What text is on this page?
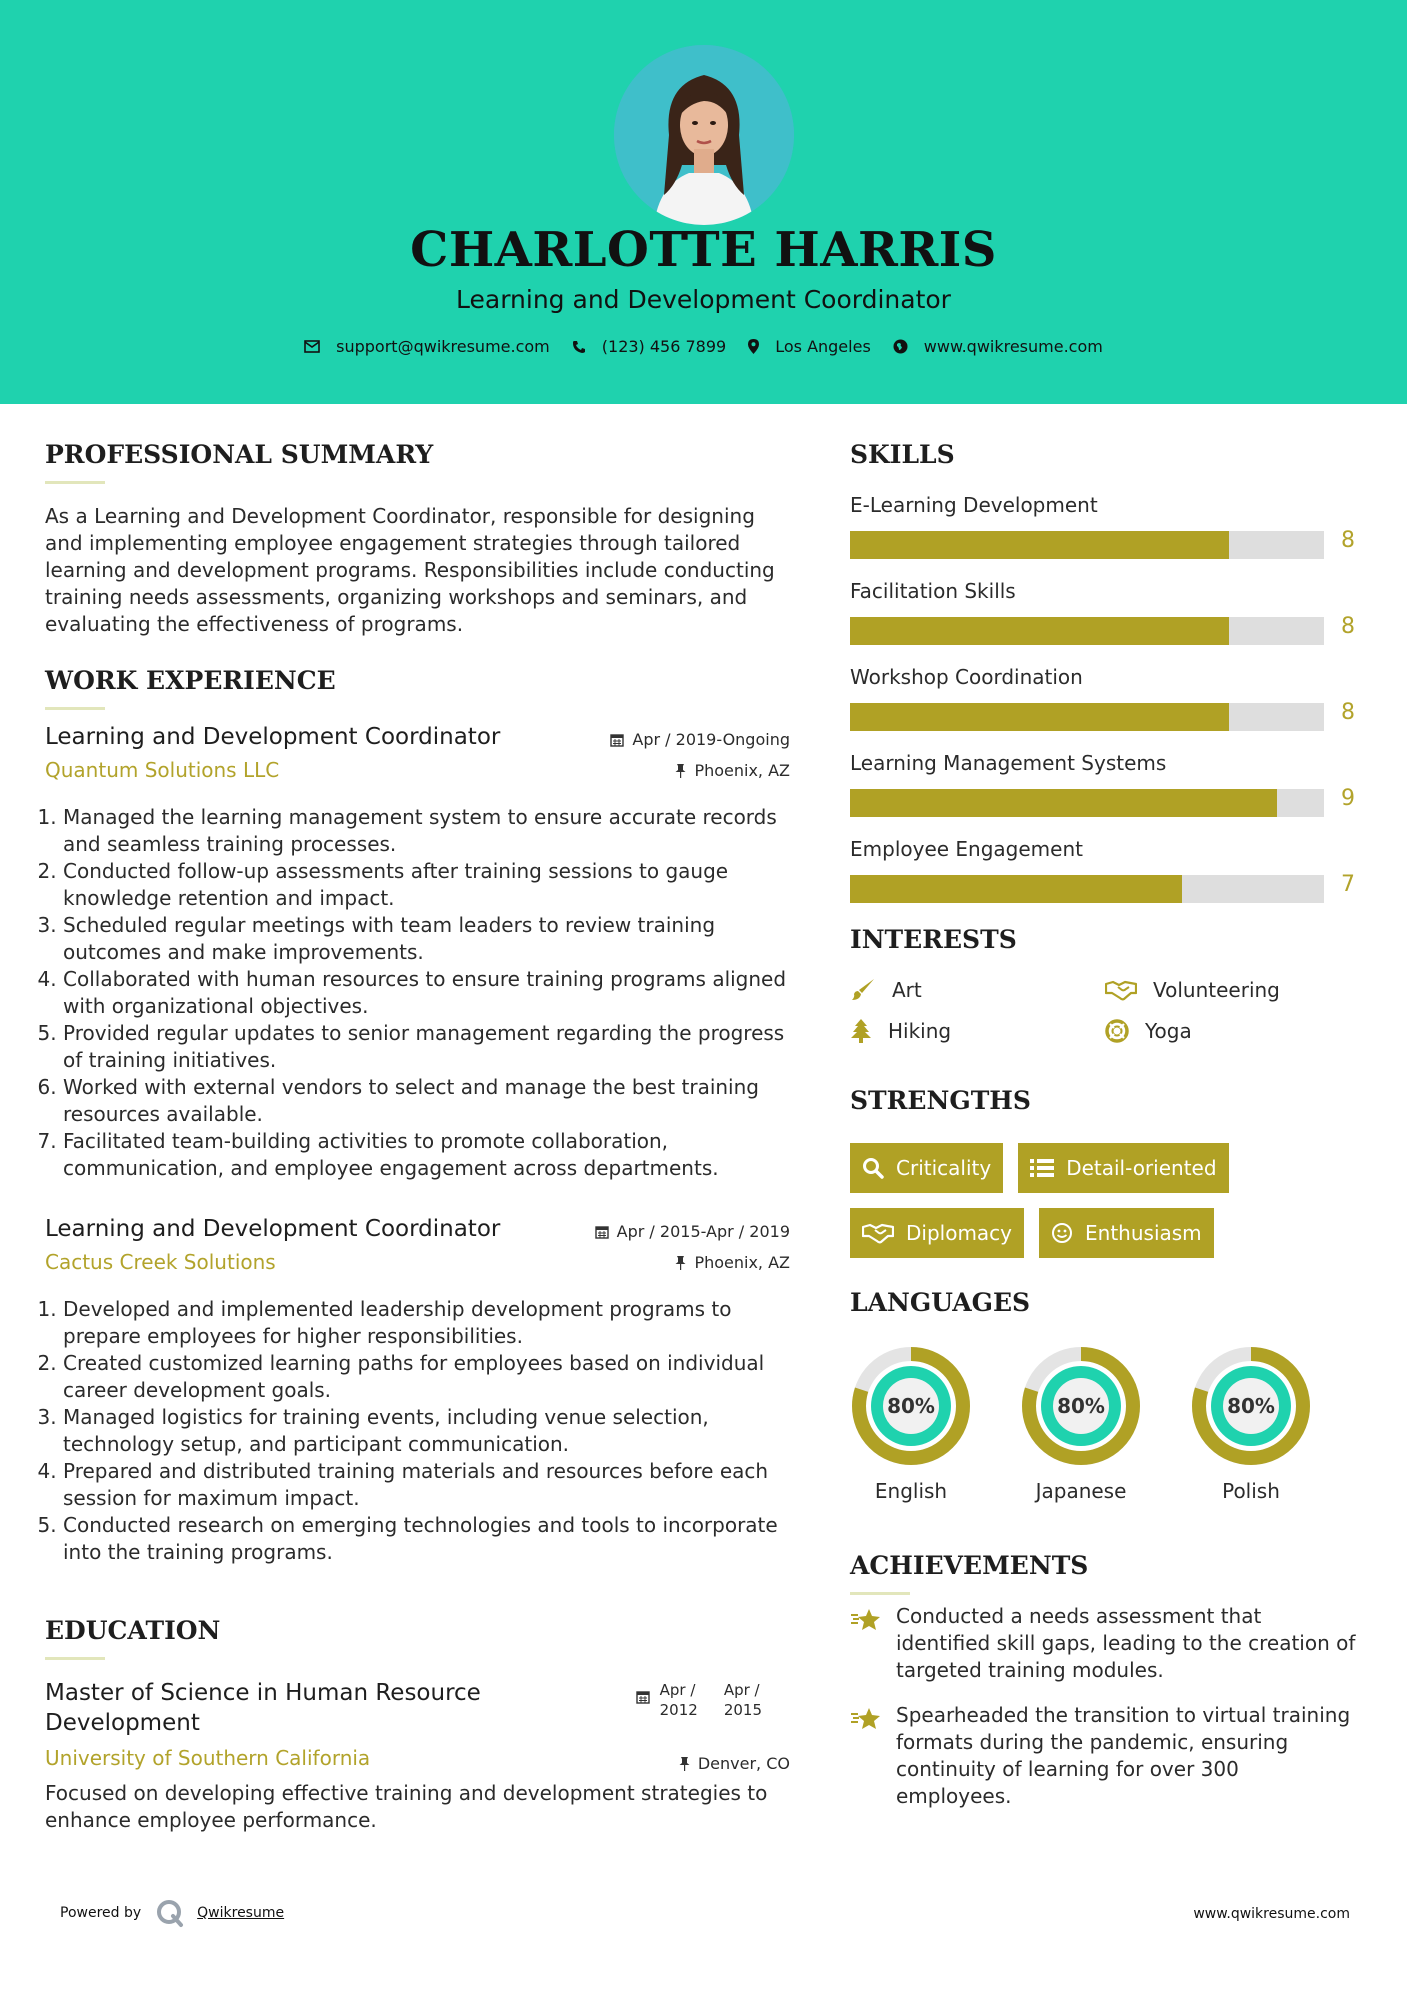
CHARLOTTE HARRIS
Learning and Development Coordinator
support@qwikresume.com	(123) 456 7899	Los Angeles	www.qwikresume.com
PROFESSIONAL SUMMARY
As a Learning and Development Coordinator, responsible for designing and implementing employee engagement strategies through tailored learning and development programs. Responsibilities include conducting training needs assessments, organizing workshops and seminars, and evaluating the effectiveness of programs.
WORK EXPERIENCE
Learning and Development Coordinator
Quantum Solutions LLC
Apr / 2019-Ongoing
Phoenix, AZ
1. Managed the learning management system to ensure accurate records and seamless training processes.
2. Conducted follow-up assessments after training sessions to gauge knowledge retention and impact.
3. Scheduled regular meetings with team leaders to review training outcomes and make improvements.
4. Collaborated with human resources to ensure training programs aligned with organizational objectives.
5. Provided regular updates to senior management regarding the progress of training initiatives.
6. Worked with external vendors to select and manage the best training resources available.
7. Facilitated team-building activities to promote collaboration, communication, and employee engagement across departments.
Learning and Development Coordinator
Cactus Creek Solutions
Apr / 2015-Apr / 2019
Phoenix, AZ
1. Developed and implemented leadership development programs to prepare employees for higher responsibilities.
2. Created customized learning paths for employees based on individual career development goals.
3. Managed logistics for training events, including venue selection, technology setup, and participant communication.
4. Prepared and distributed training materials and resources before each session for maximum impact.
5. Conducted research on emerging technologies and tools to incorporate into the training programs.
EDUCATION
Master of Science in Human Resource Development
University of Southern California
Apr /
2012
Apr /
2015
Denver, CO
Focused on developing effective training and development strategies to enhance employee performance.
SKILLS
E-Learning Development
8
Facilitation Skills
8
Workshop Coordination
8
Learning Management Systems
9
Employee Engagement
7
INTERESTS
Art	Volunteering
Hiking	Yoga
STRENGTHS
Criticality	Detail-oriented
Diplomacy	Enthusiasm
LANGUAGES
80%
English
80%
Japanese
80%
Polish
ACHIEVEMENTS
Conducted a needs assessment that identified skill gaps, leading to the creation of targeted training modules.
Spearheaded the transition to virtual training formats during the pandemic, ensuring continuity of learning for over 300 employees.
Powered by	Qwikresume	www.qwikresume.com
